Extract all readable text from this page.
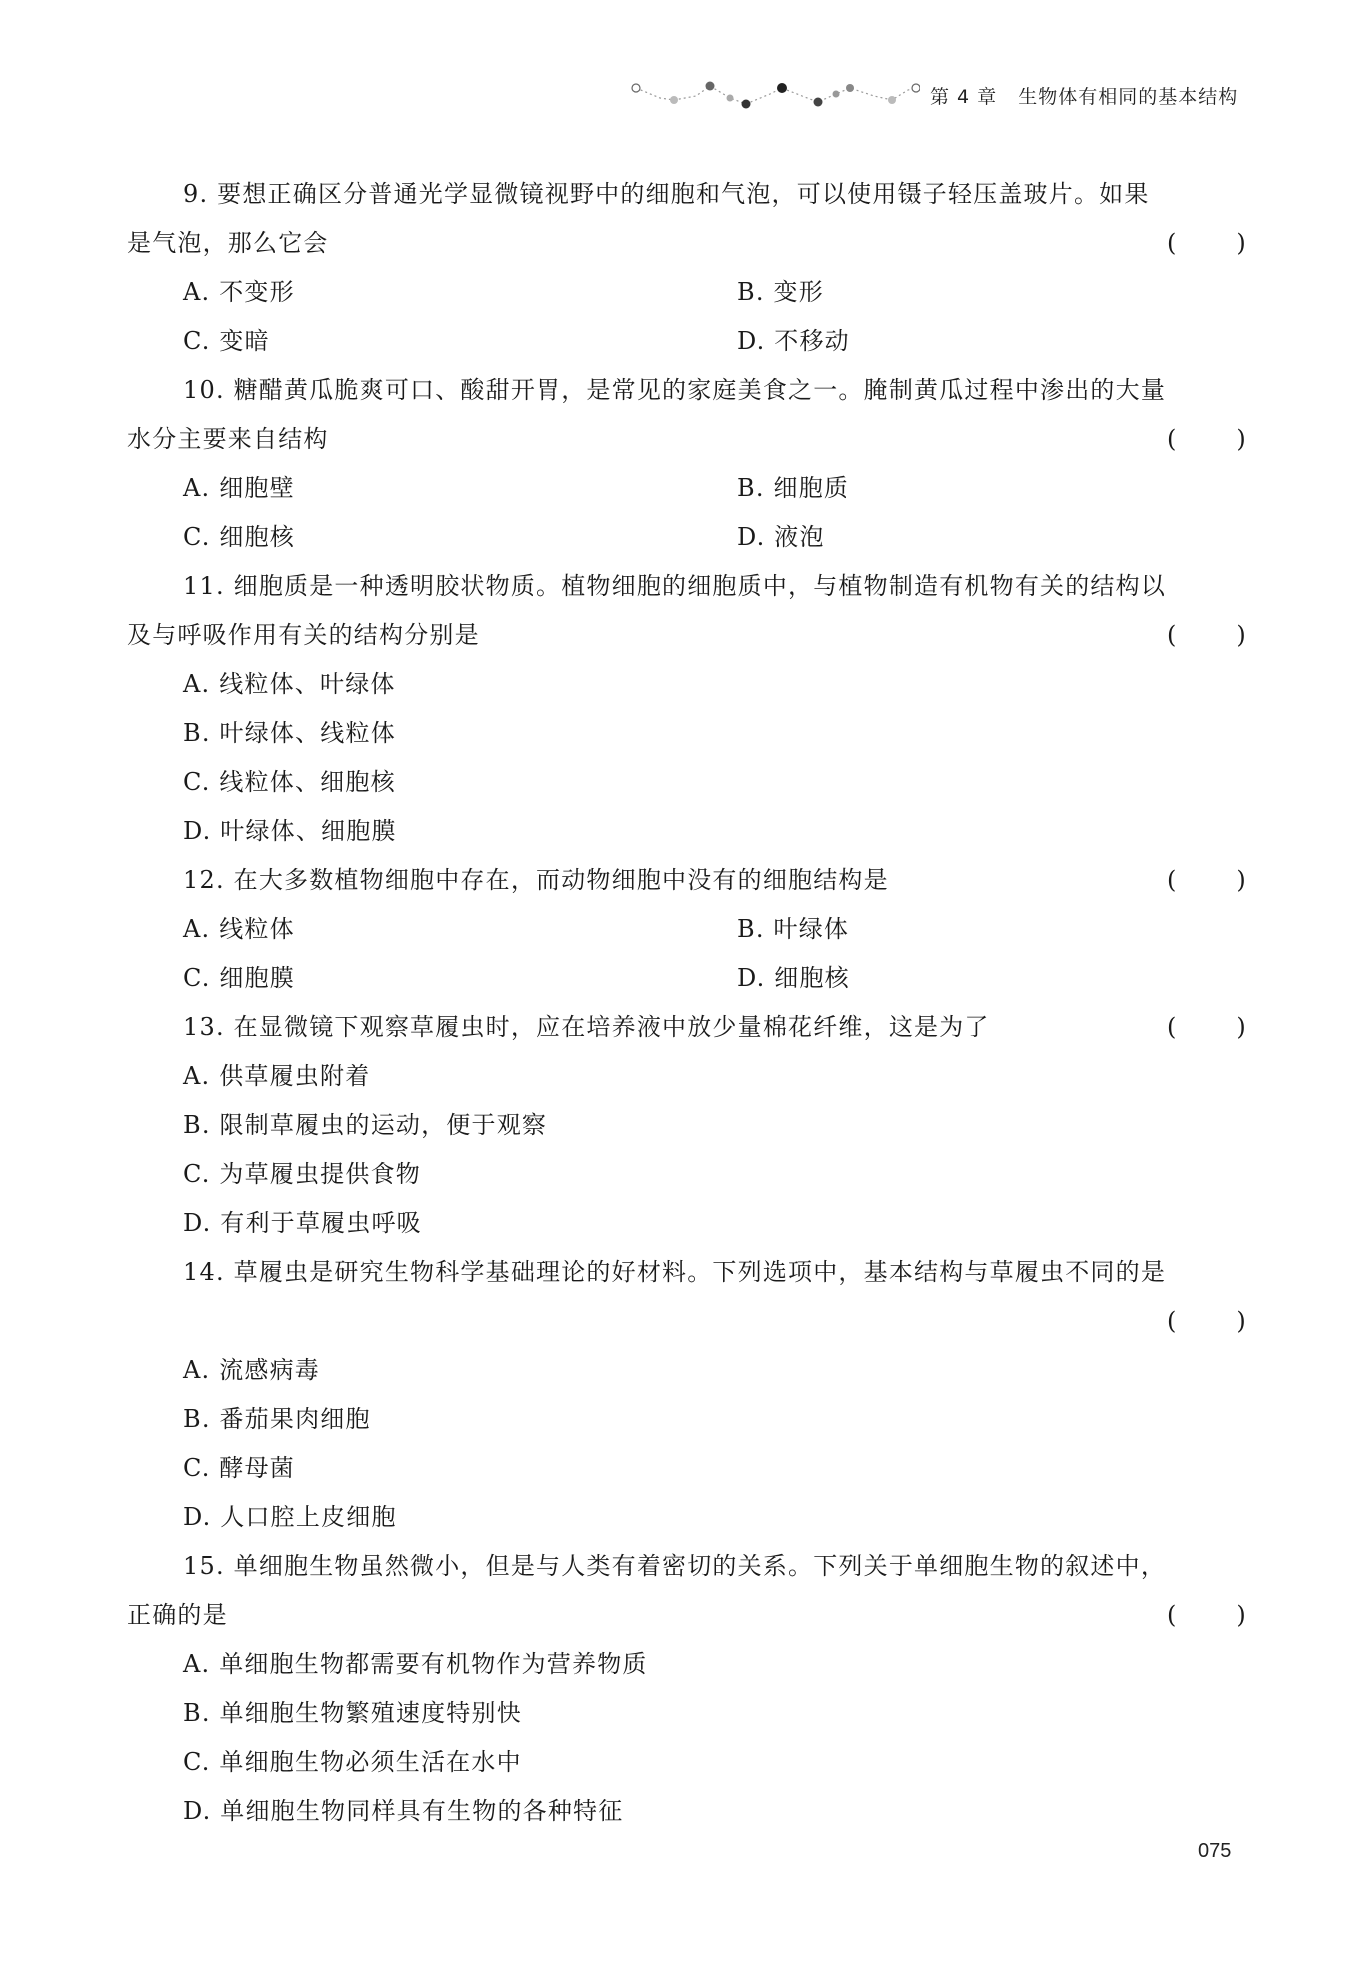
第 4 章 生物体有相同的基本结构
9. 要想正确区分普通光学显微镜视野中的细胞和气泡，可以使用镊子轻压盖玻片。如果
是气泡，那么它会	( )
A. 不变形	B. 变形
C. 变暗	D. 不移动
10. 糖醋黄瓜脆爽可口、酸甜开胃，是常见的家庭美食之一。腌制黄瓜过程中渗出的大量
水分主要来自结构	( )
A. 细胞壁	B. 细胞质
C. 细胞核	D. 液泡
11. 细胞质是一种透明胶状物质。植物细胞的细胞质中，与植物制造有机物有关的结构以
及与呼吸作用有关的结构分别是	( )
A. 线粒体、叶绿体
B. 叶绿体、线粒体
C. 线粒体、细胞核
D. 叶绿体、细胞膜
12. 在大多数植物细胞中存在，而动物细胞中没有的细胞结构是	( )
A. 线粒体	B. 叶绿体
C. 细胞膜	D. 细胞核
13. 在显微镜下观察草履虫时，应在培养液中放少量棉花纤维，这是为了	( )
A. 供草履虫附着
B. 限制草履虫的运动，便于观察
C. 为草履虫提供食物
D. 有利于草履虫呼吸
14. 草履虫是研究生物科学基础理论的好材料。下列选项中，基本结构与草履虫不同的是
( )
A. 流感病毒
B. 番茄果肉细胞
C. 酵母菌
D. 人口腔上皮细胞
15. 单细胞生物虽然微小，但是与人类有着密切的关系。下列关于单细胞生物的叙述中，
正确的是	( )
A. 单细胞生物都需要有机物作为营养物质
B. 单细胞生物繁殖速度特别快
C. 单细胞生物必须生活在水中
D. 单细胞生物同样具有生物的各种特征
075
